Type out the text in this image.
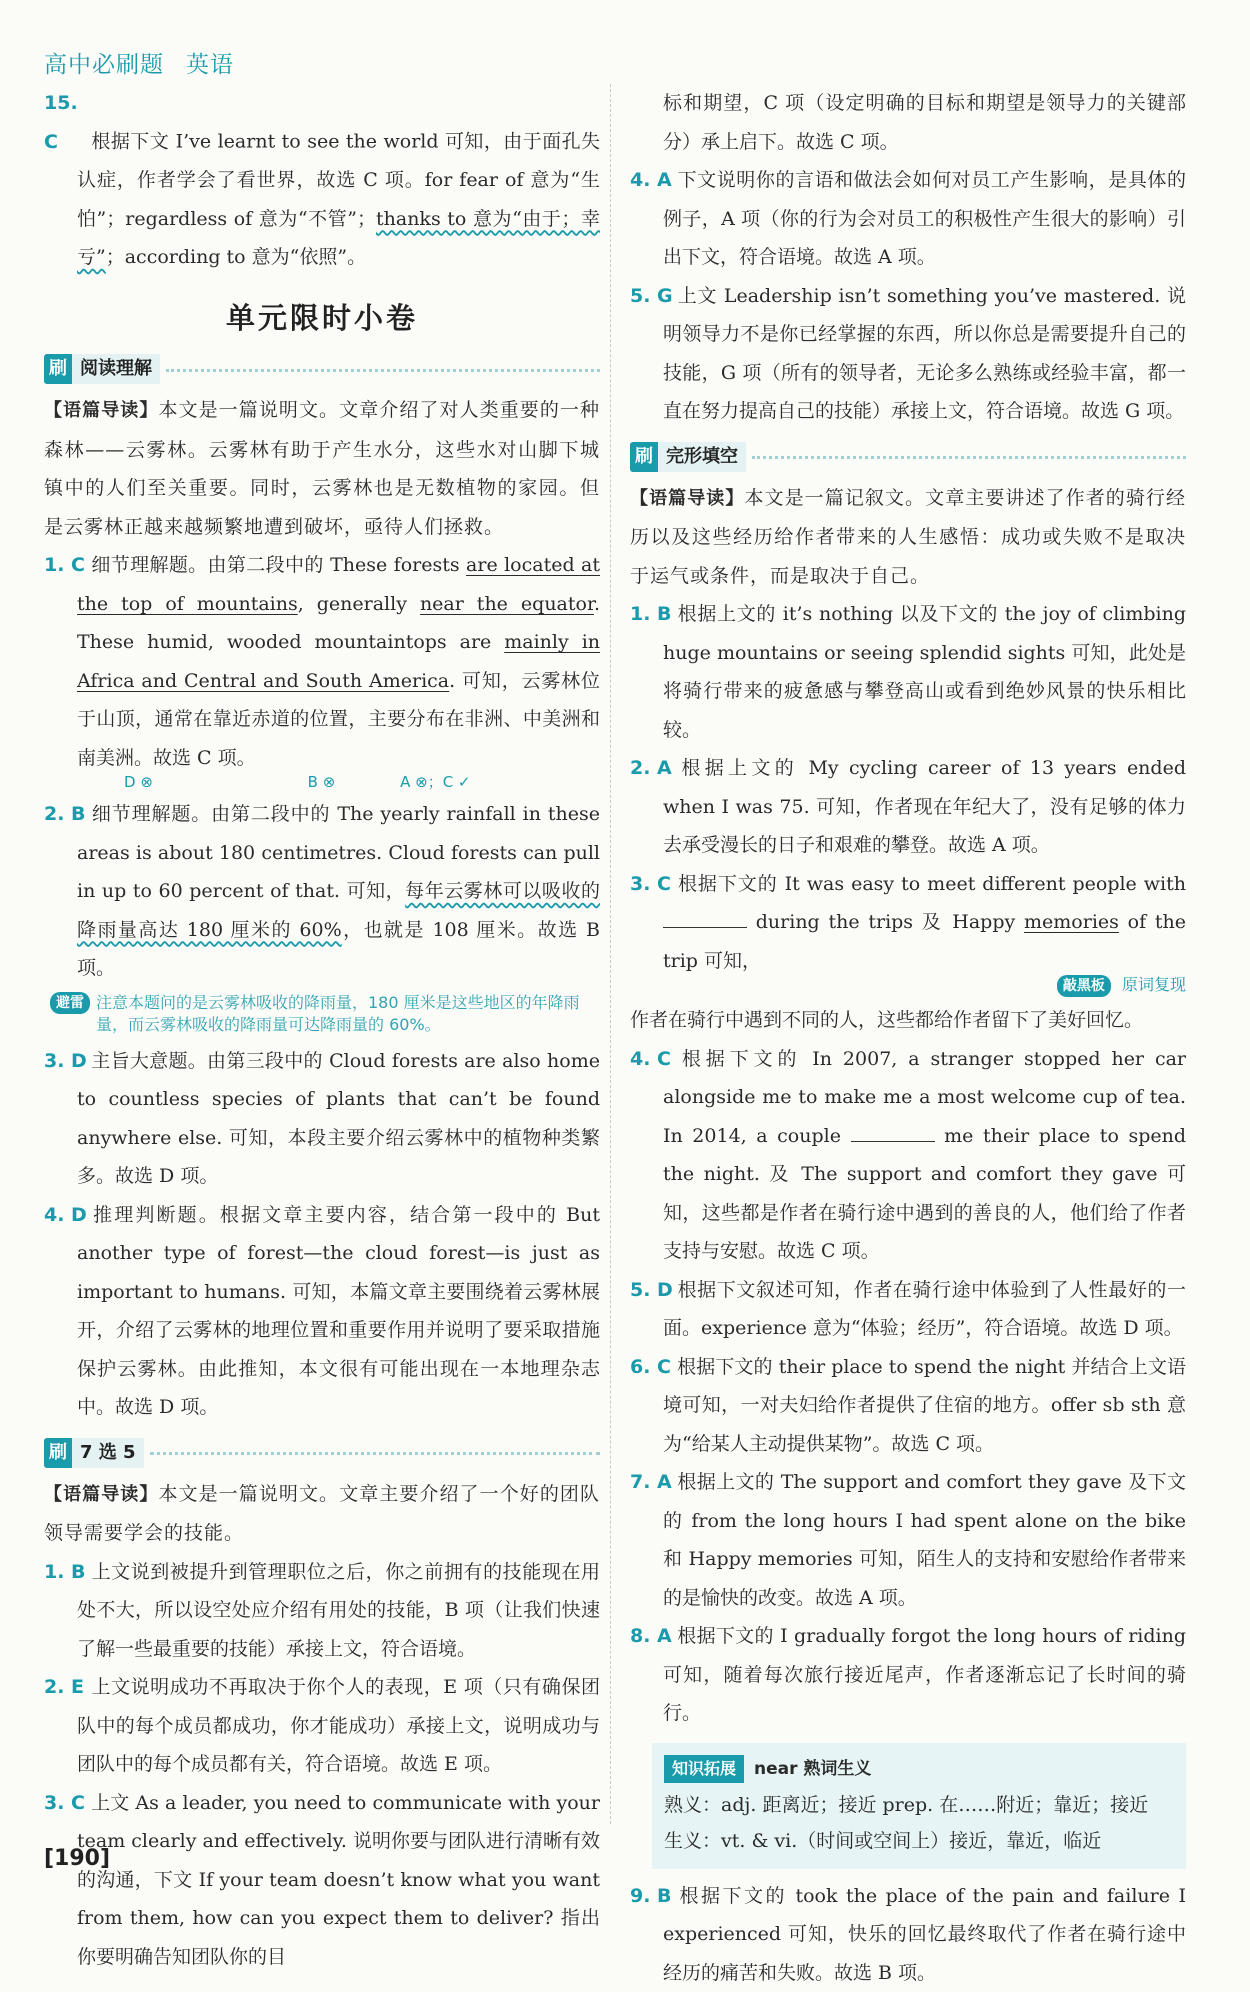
高中必刷题 英语

15. C 根据下文 I’ve learnt to see the world 可知，由于面孔失认症，作者学会了看世界，故选 C 项。for fear of 意为“生怕”；regardless of 意为“不管”；thanks to 意为“由于；幸亏”；according to 意为“依照”。

单元限时小卷
刷 阅读理解

【语篇导读】本文是一篇说明文。文章介绍了对人类重要的一种森林——云雾林。云雾林有助于产生水分，这些水对山脚下城镇中的人们至关重要。同时，云雾林也是无数植物的家园。但是云雾林正越来越频繁地遭到破坏，亟待人们拯救。

1. C 细节理解题。由第二段中的 These forests are located at the top of mountains, generally near the equator. These humid, wooded mountaintops are mainly in Africa and Central and South America. 可知，云雾林位于山顶，通常在靠近赤道的位置，主要分布在非洲、中美洲和南美洲。故选 C 项。

D ⊗	B ⊗	A ⊗；C ✓

2. B 细节理解题。由第二段中的 The yearly rainfall in these areas is about 180 centimetres. Cloud forests can pull in up to 60 percent of that. 可知，每年云雾林可以吸收的降雨量高达 180 厘米的 60%，也就是 108 厘米。故选 B 项。

避雷 注意本题问的是云雾林吸收的降雨量，180 厘米是这些地区的年降雨量，而云雾林吸收的降雨量可达降雨量的 60%。

3. D 主旨大意题。由第三段中的 Cloud forests are also home to countless species of plants that can’t be found anywhere else. 可知，本段主要介绍云雾林中的植物种类繁多。故选 D 项。

4. D 推理判断题。根据文章主要内容，结合第一段中的 But another type of forest—the cloud forest—is just as important to humans. 可知，本篇文章主要围绕着云雾林展开，介绍了云雾林的地理位置和重要作用并说明了要采取措施保护云雾林。由此推知，本文很有可能出现在一本地理杂志中。故选 D 项。

刷 7 选 5

【语篇导读】本文是一篇说明文。文章主要介绍了一个好的团队领导需要学会的技能。

1. B 上文说到被提升到管理职位之后，你之前拥有的技能现在用处不大，所以设空处应介绍有用处的技能，B 项（让我们快速了解一些最重要的技能）承接上文，符合语境。

2. E 上文说明成功不再取决于你个人的表现，E 项（只有确保团队中的每个成员都成功，你才能成功）承接上文，说明成功与团队中的每个成员都有关，符合语境。故选 E 项。

3. C 上文 As a leader, you need to communicate with your team clearly and effectively. 说明你要与团队进行清晰有效的沟通，下文 If your team doesn’t know what you want from them, how can you expect them to deliver? 指出你要明确告知团队你的目

标和期望，C 项（设定明确的目标和期望是领导力的关键部分）承上启下。故选 C 项。

4. A 下文说明你的言语和做法会如何对员工产生影响，是具体的例子，A 项（你的行为会对员工的积极性产生很大的影响）引出下文，符合语境。故选 A 项。

5. G 上文 Leadership isn’t something you’ve mastered. 说明领导力不是你已经掌握的东西，所以你总是需要提升自己的技能，G 项（所有的领导者，无论多么熟练或经验丰富，都一直在努力提高自己的技能）承接上文，符合语境。故选 G 项。

刷 完形填空

【语篇导读】本文是一篇记叙文。文章主要讲述了作者的骑行经历以及这些经历给作者带来的人生感悟：成功或失败不是取决于运气或条件，而是取决于自己。

1. B 根据上文的 it’s nothing 以及下文的 the joy of climbing huge mountains or seeing splendid sights 可知，此处是将骑行带来的疲惫感与攀登高山或看到绝妙风景的快乐相比较。

2. A 根据上文的 My cycling career of 13 years ended when I was 75. 可知，作者现在年纪大了，没有足够的体力去承受漫长的日子和艰难的攀登。故选 A 项。

3. C 根据下文的 It was easy to meet different people with  during the trips 及 Happy memories of the trip 可知，

敲黑板 原词复现

作者在骑行中遇到不同的人，这些都给作者留下了美好回忆。

4. C 根据下文的 In 2007, a stranger stopped her car alongside me to make me a most welcome cup of tea. In 2014, a couple	me their place to spend the night. 及 The support and comfort they gave 可知，这些都是作者在骑行途中遇到的善良的人，他们给了作者支持与安慰。故选 C 项。

5. D 根据下文叙述可知，作者在骑行途中体验到了人性最好的一面。experience 意为“体验；经历”，符合语境。故选 D 项。

6. C 根据下文的 their place to spend the night 并结合上文语境可知，一对夫妇给作者提供了住宿的地方。offer sb sth 意为“给某人主动提供某物”。故选 C 项。

7. A 根据上文的 The support and comfort they gave 及下文的 from the long hours I had spent alone on the bike 和 Happy memories 可知，陌生人的支持和安慰给作者带来的是愉快的改变。故选 A 项。

8. A 根据下文的 I gradually forgot the long hours of riding 可知，随着每次旅行接近尾声，作者逐渐忘记了长时间的骑行。

知识拓展	near 熟词生义
熟义：adj. 距离近；接近 prep. 在……附近；靠近；接近
生义：vt. & vi.（时间或空间上）接近，靠近，临近

9. B 根据下文的 took the place of the pain and failure I experienced 可知，快乐的回忆最终取代了作者在骑行途中经历的痛苦和失败。故选 B 项。

[190]
